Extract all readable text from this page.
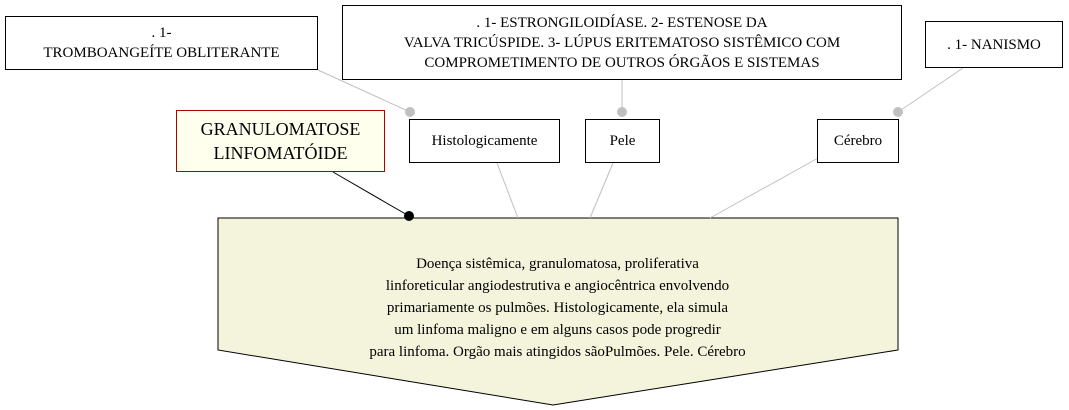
. 1-
TROMBOANGEÍTE OBLITERANTE
. 1- ESTRONGILOIDÍASE. 2- ESTENOSE DA
VALVA TRICÚSPIDE. 3- LÚPUS ERITEMATOSO SISTÊMICO COM
COMPROMETIMENTO DE OUTROS ÓRGÃOS E SISTEMAS
. 1- NANISMO
GRANULOMATOSE
LINFOMATÓIDE
Histologicamente	Pele	Cérebro
Doença sistêmica, granulomatosa, proliferativa
linforeticular angiodestrutiva e angiocêntrica envolvendo
primariamente os pulmões. Histologicamente, ela simula
um linfoma maligno e em alguns casos pode progredir
para linfoma. Orgão mais atingidos sãoPulmões. Pele. Cérebro
